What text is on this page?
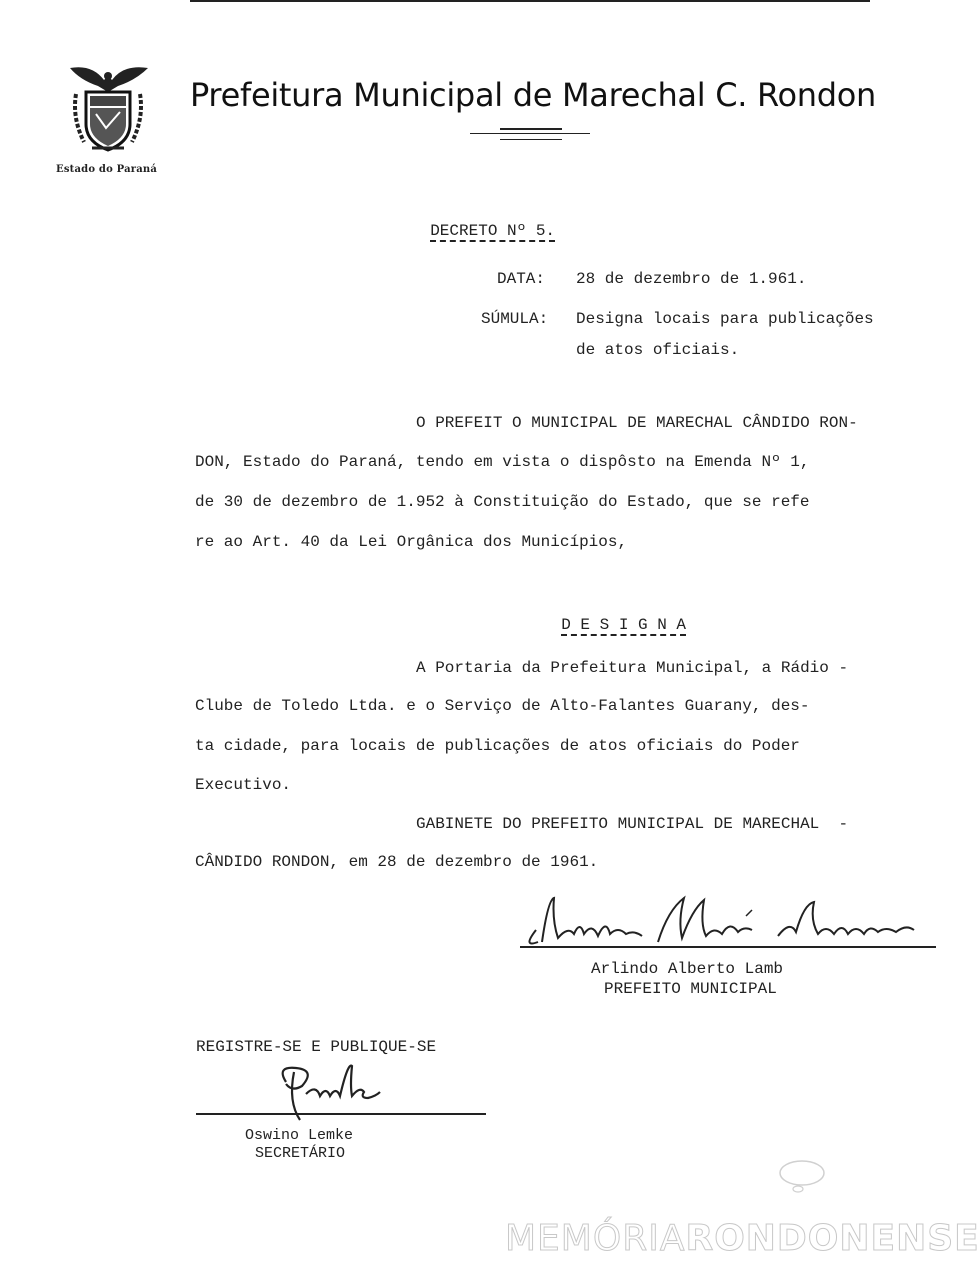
Estado do Paraná
Prefeitura Municipal de Marechal C. Rondon

DECRETO Nº 5.

DATA: 28 de dezembro de 1.961.
SÚMULA: Designa locais para publicações
de atos oficiais.
O PREFEIT O MUNICIPAL DE MARECHAL CÂNDIDO RON-
DON, Estado do Paraná, tendo em vista o dispôsto na Emenda Nº 1,
de 30 de dezembro de 1.952 à Constituição do Estado, que se refe
re ao Art. 40 da Lei Orgânica dos Municípios,

D E S I G N A

A Portaria da Prefeitura Municipal, a Rádio -
Clube de Toledo Ltda. e o Serviço de Alto-Falantes Guarany, des-
ta cidade, para locais de publicações de atos oficiais do Poder
Executivo.
GABINETE DO PREFEITO MUNICIPAL DE MARECHAL  -
CÂNDIDO RONDON, em 28 de dezembro de 1961.
Arlindo Alberto Lamb
PREFEITO MUNICIPAL
REGISTRE-SE E PUBLIQUE-SE
Oswino Lemke
SECRETÁRIO
MEMÓRIARONDONENSE
